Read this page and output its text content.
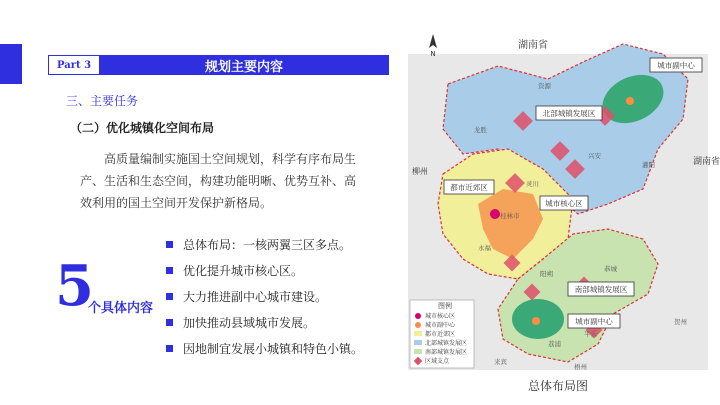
Part 3	规划主要内容
三、主要任务
（二）优化城镇化空间布局
高质量编制实施国土空间规划，科学有序布局生产、生活和生态空间，构建功能明晰、优势互补、高效利用的国土空间开发保护新格局。
5
个具体内容
总体布局：一核两翼三区多点。
优化提升城市核心区。
大力推进副中心城市建设。
加快推动县域城市发展。
因地制宜发展小城镇和特色小镇。
N
湖南省
湖南省
柳州
北部城镇发展区
都市近郊区
南部城镇发展区
城市副中心
城市核心区
城市副中心
资源
龙胜
兴安
灌阳
灵川
桂林市
永福
阳朔
恭城
荔浦
平乐
梧州
来宾
贺州
图例
城市核心区
城市副中心
都市近郊区
北部城镇发展区
南部城镇发展区
区域支点
总体布局图
